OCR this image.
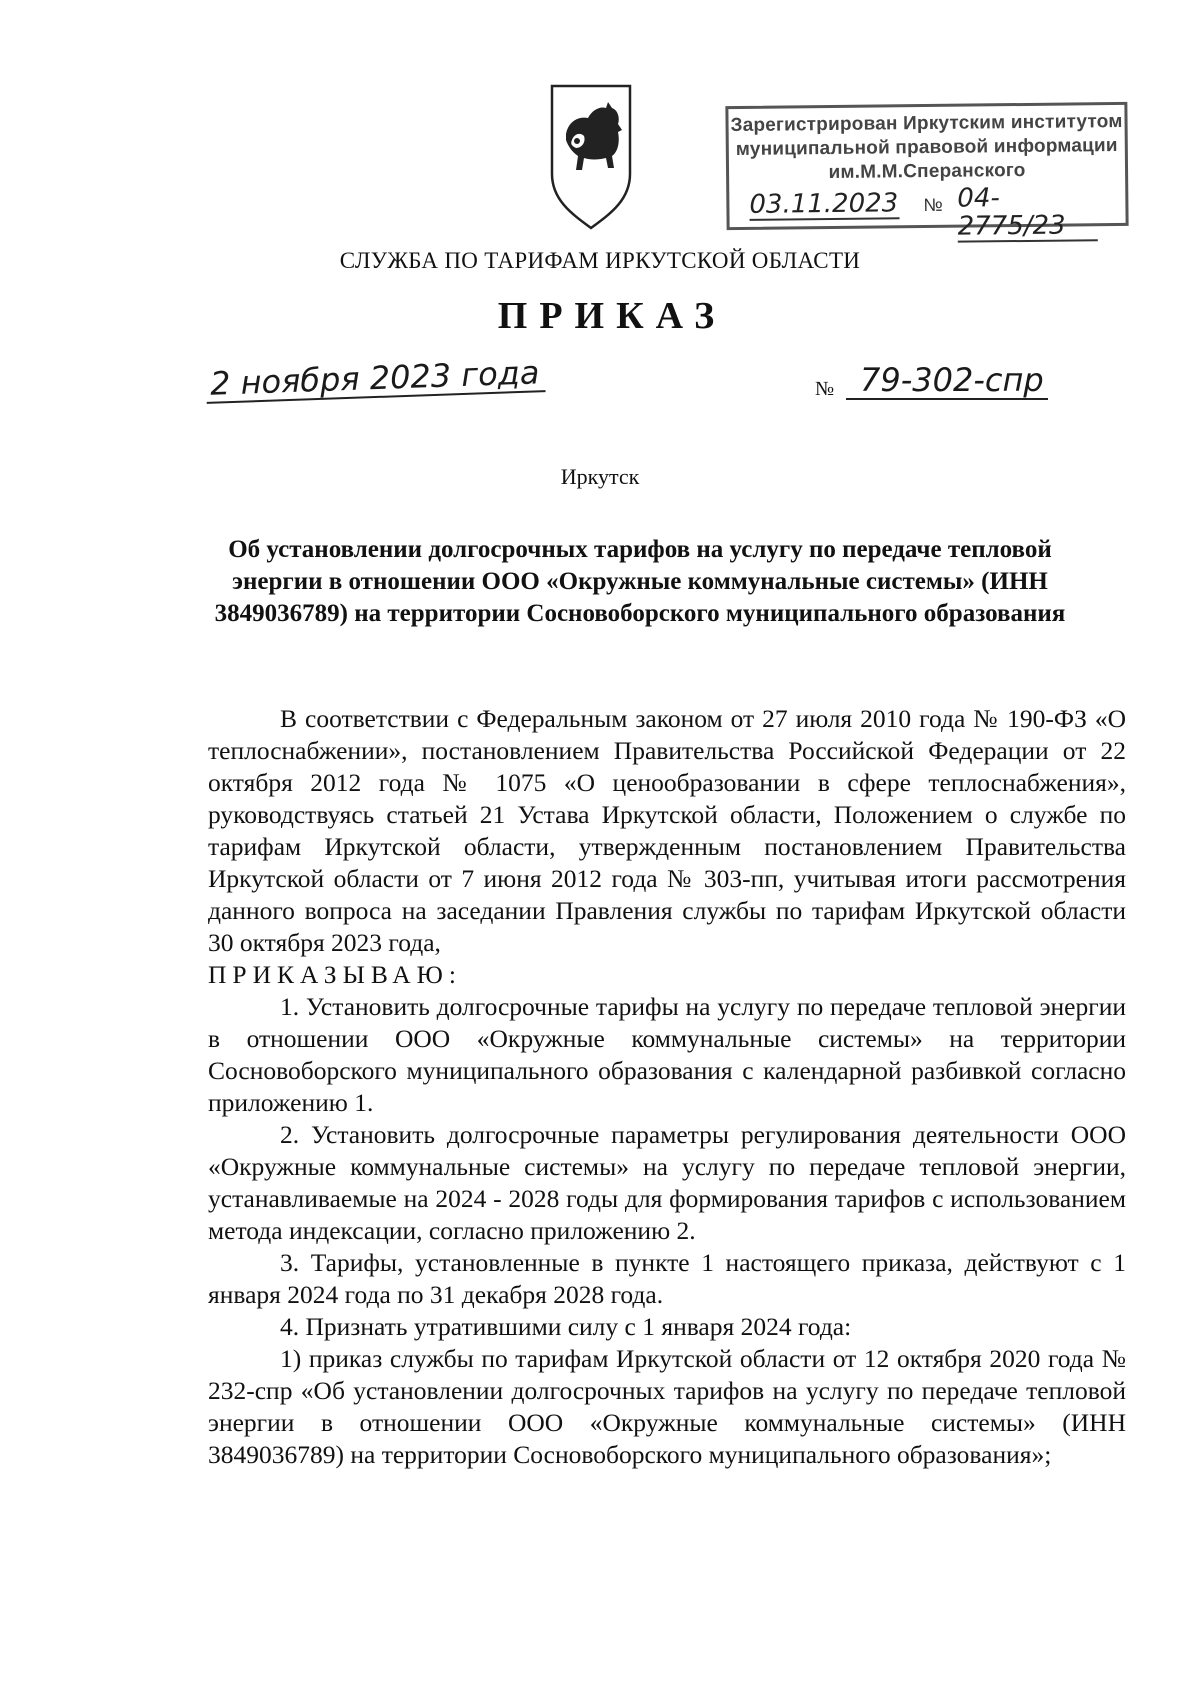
Зарегистрирован Иркутским институтом
муниципальной правовой информации
им.М.М.Сперанского
03.11.2023 № 04-2775/23
СЛУЖБА ПО ТАРИФАМ ИРКУТСКОЙ ОБЛАСТИ
ПРИКАЗ
2 ноября 2023 года	№ 79-302-спр
Иркутск
Об установлении долгосрочных тарифов на услугу по передаче тепловой энергии в отношении ООО «Окружные коммунальные системы» (ИНН 3849036789) на территории Сосновоборского муниципального образования

В соответствии с Федеральным законом от 27 июля 2010 года № 190-ФЗ «О теплоснабжении», постановлением Правительства Российской Федерации от 22 октября 2012 года № 1075 «О ценообразовании в сфере теплоснабжения», руководствуясь статьей 21 Устава Иркутской области, Положением о службе по тарифам Иркутской области, утвержденным постановлением Правительства Иркутской области от 7 июня 2012 года № 303-пп, учитывая итоги рассмотрения данного вопроса на заседании Правления службы по тарифам Иркутской области 30 октября 2023 года,

ПРИКАЗЫВАЮ:

1. Установить долгосрочные тарифы на услугу по передаче тепловой энергии в отношении ООО «Окружные коммунальные системы» на территории Сосновоборского муниципального образования с календарной разбивкой согласно приложению 1.

2. Установить долгосрочные параметры регулирования деятельности ООО «Окружные коммунальные системы» на услугу по передаче тепловой энергии, устанавливаемые на 2024 - 2028 годы для формирования тарифов с использованием метода индексации, согласно приложению 2.

3. Тарифы, установленные в пункте 1 настоящего приказа, действуют с 1 января 2024 года по 31 декабря 2028 года.

4. Признать утратившими силу с 1 января 2024 года:

1) приказ службы по тарифам Иркутской области от 12 октября 2020 года № 232-спр «Об установлении долгосрочных тарифов на услугу по передаче тепловой энергии в отношении ООО «Окружные коммунальные системы» (ИНН 3849036789) на территории Сосновоборского муниципального образования»;
